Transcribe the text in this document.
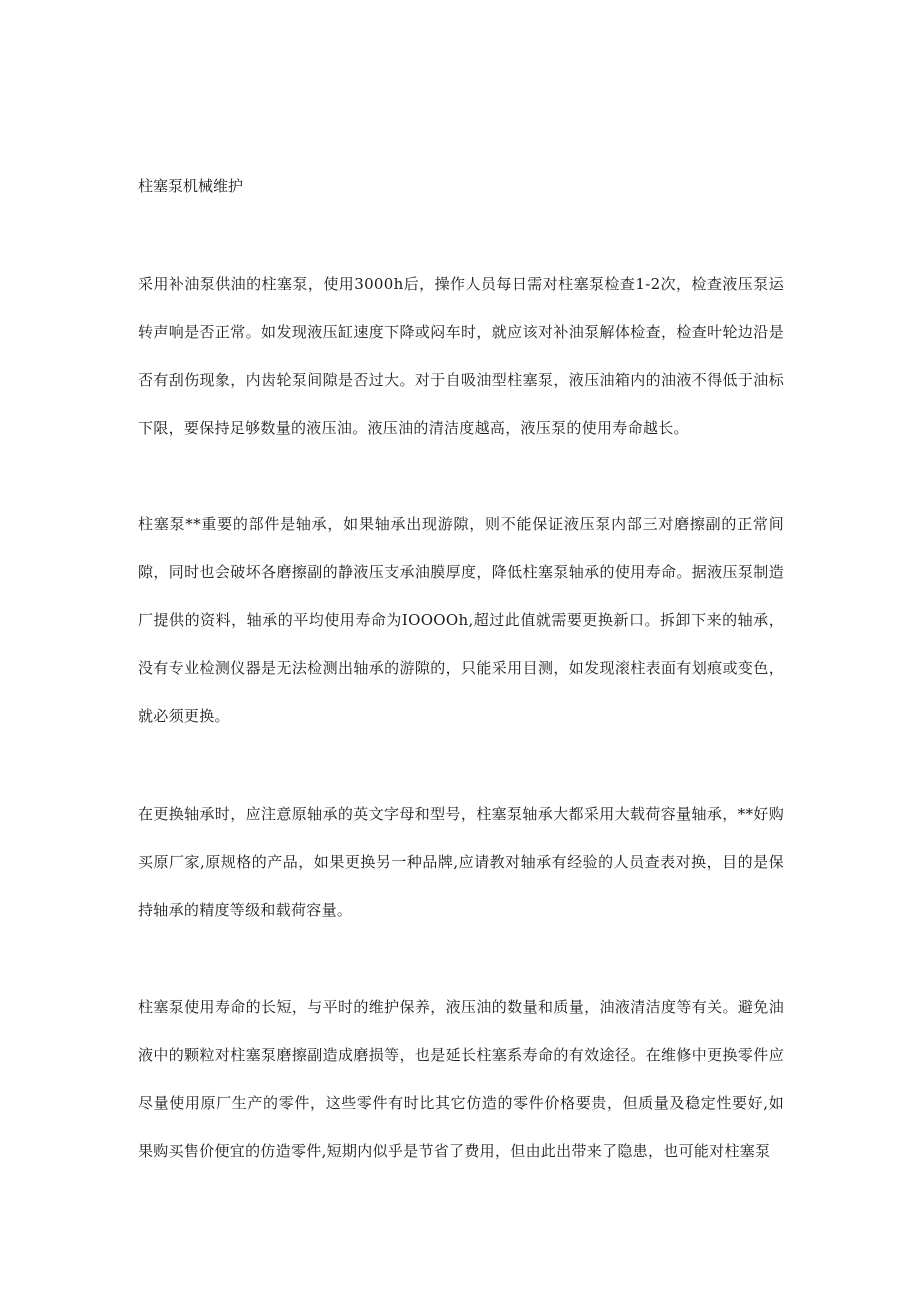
柱塞泵机械维护

采用补油泵供油的柱塞泵，使用3000h后，操作人员每日需对柱塞泵检查1-2次，检查液压泵运转声响是否正常。如发现液压缸速度下降或闷车时，就应该对补油泵解体检查，检查叶轮边沿是否有刮伤现象，内齿轮泵间隙是否过大。对于自吸油型柱塞泵，液压油箱内的油液不得低于油标下限，要保持足够数量的液压油。液压油的清洁度越高，液压泵的使用寿命越长。

柱塞泵**重要的部件是轴承，如果轴承出现游隙，则不能保证液压泵内部三对磨擦副的正常间隙，同时也会破坏各磨擦副的静液压支承油膜厚度，降低柱塞泵轴承的使用寿命。据液压泵制造厂提供的资料，轴承的平均使用寿命为IOOOOh,超过此值就需要更换新口。拆卸下来的轴承，没有专业检测仪器是无法检测出轴承的游隙的，只能采用目测，如发现滚柱表面有划痕或变色，就必须更换。

在更换轴承时，应注意原轴承的英文字母和型号，柱塞泵轴承大都采用大载荷容量轴承，**好购买原厂家,原规格的产品，如果更换另一种品牌,应请教对轴承有经验的人员查表对换，目的是保持轴承的精度等级和载荷容量。

柱塞泵使用寿命的长短，与平时的维护保养，液压油的数量和质量，油液清洁度等有关。避免油液中的颗粒对柱塞泵磨擦副造成磨损等，也是延长柱塞系寿命的有效途径。在维修中更换零件应尽量使用原厂生产的零件，这些零件有时比其它仿造的零件价格要贵，但质量及稳定性要好,如果购买售价便宜的仿造零件,短期内似乎是节省了费用，但由此出带来了隐患，也可能对柱塞泵
